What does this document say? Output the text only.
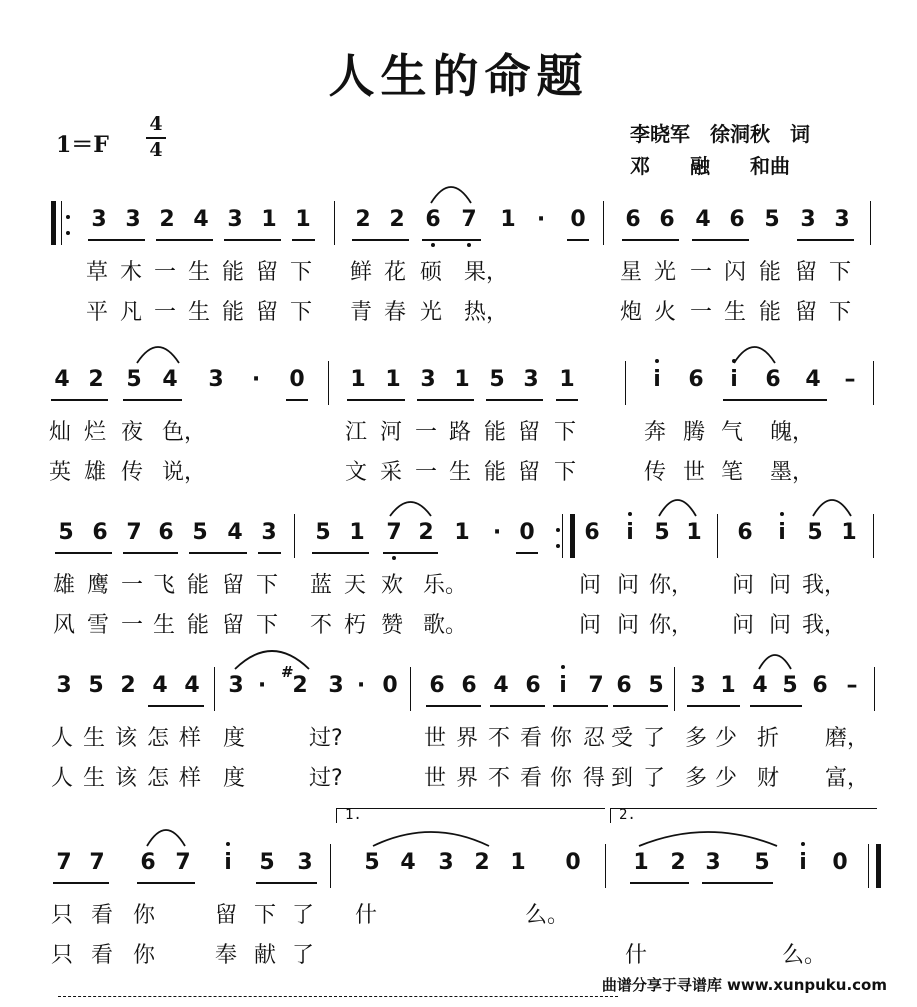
人生的命题
1＝F
4
4
李晓军　徐洞秋　词
邓　　融　　和曲
曲谱分享于寻谱库 www.xunpuku.com
3 3 2 4 3 1 1 2 2 6 7 1 ·	0 6 6 4 6 5 3 3
草 木 一 生 能 留 下 鲜 花 硕 果，	星 光 一 闪 能 留 下
平 凡 一 生 能 留 下 青 春 光 热，	炮 火 一 生 能 留 下
4 2 5 4 3	·	0 1 1 3 1 5 3 1	i	6	i	6 4 –
灿 烂 夜 色，	江 河 一 路 能 留 下	奔 腾 气 魄，
英 雄 传 说，	文 采 一 生 能 留 下	传 世 笔 墨，
5 6 7 6 5 4 3 5 1 7 2 1	· 0 6	i 5 1 6	i 5 1
雄 鹰 一 飞 能 留 下 蓝 天 欢 乐。	问 问 你， 问 问 我，
风 雪 一 生 能 留 下 不 朽 赞 歌。	问 问 你， 问 问 我，
3 5 2 4 4 3 ·	2 3 · 0 6 6 4 6 i 7 6 5 3 1 4 5 6 –
#
人 生 该 怎 样 度	过?	世 界 不 看 你 忍 受 了 多 少 折 磨，
人 生 该 怎 样 度	过?	世 界 不 看 你 得 到 了 多 少 财 富，
7 7 6 7	i	5 3 5 4 3 2 1 0 1 2 3 5	i	0
1.	2.
只 看 你	留 下 了 什	么。
只 看 你	奉 献 了	什	么。
